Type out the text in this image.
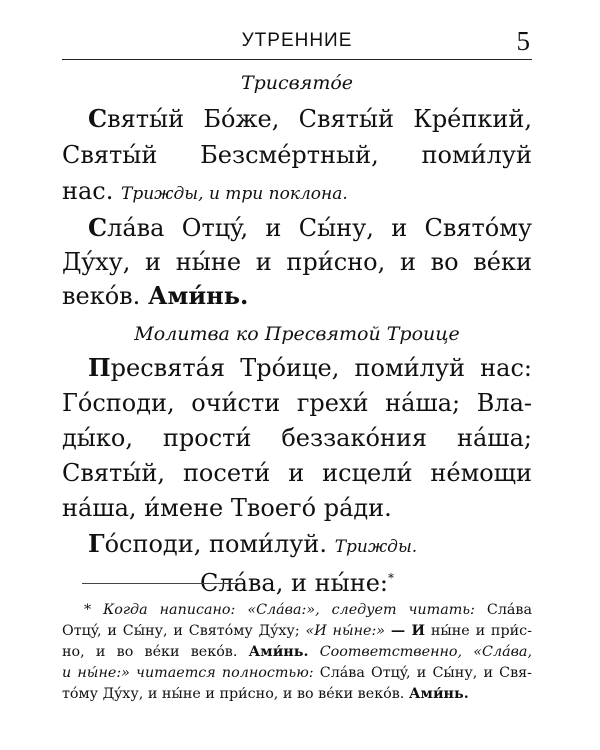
УТРЕННИЕ	5
Трисвятóе
Святы́й Бóже, Святы́й Крéпкий,
Святы́й Безсмéртный, поми́луй
нас. Трижды, и три поклона.
Слáва Отцý, и Сы́ну, и Святóму
Дýху, и ны́не и при́сно, и во вéки
векóв. Ами́нь.
Молитва ко Пресвятой Троице
Пресвятáя Трóице, поми́луй нас:
Гóсподи, очи́сти грехи́ нáша; Вла-
ды́ко, прости́ беззакóния нáша;
Святы́й, посети́ и исцели́ нéмощи
нáша, и́мене Твоегó рáди.
Гóсподи, поми́луй. Трижды.
Слáва, и ны́не:*
* Когда написано: «Слáва:», следует читать: Слáва
Отцý, и Сы́ну, и Святóму Дýху; «И ны́не:» — И ны́не и при́с-
но, и во вéки векóв. Ами́нь. Соответственно, «Слáва,
и ны́не:» читается полностью: Слáва Отцý, и Сы́ну, и Свя-
тóму Дýху, и ны́не и при́сно, и во вéки векóв. Ами́нь.
